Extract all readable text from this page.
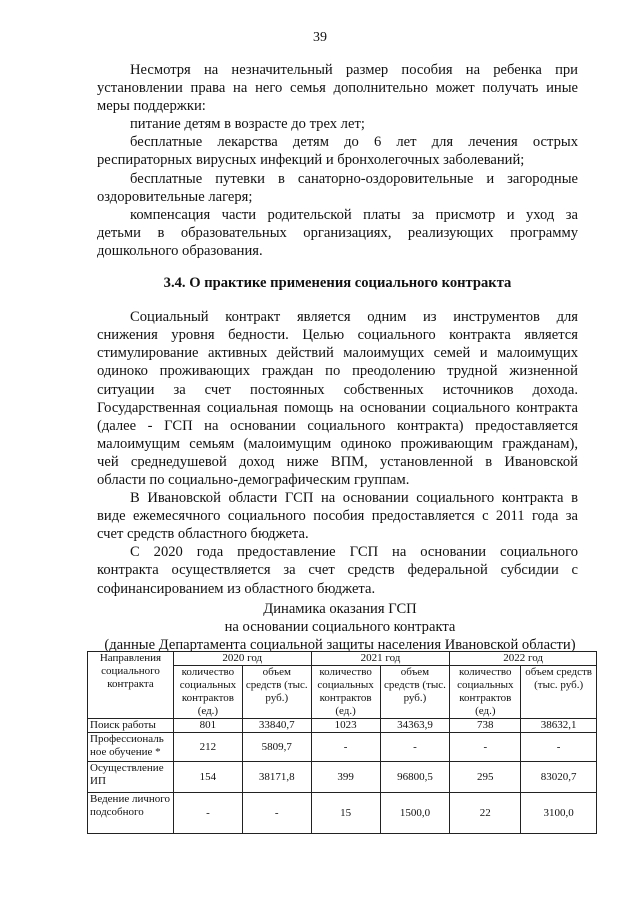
39
Несмотря на незначительный размер пособия на ребенка при
установлении права на него семья дополнительно может получать иные
меры поддержки:
питание детям в возрасте до трех лет;
бесплатные лекарства детям до 6 лет для лечения острых
респираторных вирусных инфекций и бронхолегочных заболеваний;
бесплатные путевки в санаторно-оздоровительные и загородные
оздоровительные лагеря;
компенсация части родительской платы за присмотр и уход за
детьми в образовательных организациях, реализующих программу
дошкольного образования.
3.4. О практике применения социального контракта
Социальный контракт является одним из инструментов для
снижения уровня бедности. Целью социального контракта является
стимулирование активных действий малоимущих семей и малоимущих
одиноко проживающих граждан по преодолению трудной жизненной
ситуации за счет постоянных собственных источников дохода.
Государственная социальная помощь на основании социального контракта
(далее - ГСП на основании социального контракта) предоставляется
малоимущим семьям (малоимущим одиноко проживающим гражданам),
чей среднедушевой доход ниже ВПМ, установленной в Ивановской
области по социально-демографическим группам.
В Ивановской области ГСП на основании социального контракта в
виде ежемесячного социального пособия предоставляется с 2011 года за
счет средств областного бюджета.
С 2020 года предоставление ГСП на основании социального
контракта осуществляется за счет средств федеральной субсидии с
софинансированием из областного бюджета.
Динамика оказания ГСП
на основании социального контракта
(данные Департамента социальной защиты населения Ивановской области)
Направления социального контракта	2020 год		2021 год		2022 год	
	количество социальных контрактов (ед.)	объем средств (тыс. руб.)	количество социальных контрактов (ед.)	объем средств (тыс. руб.)	количество социальных контрактов (ед.)	объем средств (тыс. руб.)
Поиск работы	801	33840,7	1023	34363,9	738	38632,1
Профессиональ ное обучение *	212	5809,7	-	-	-	-
Осуществление ИП	154	38171,8	399	96800,5	295	83020,7
Ведение личного подсобного	-	-	15	1500,0	22	3100,0
